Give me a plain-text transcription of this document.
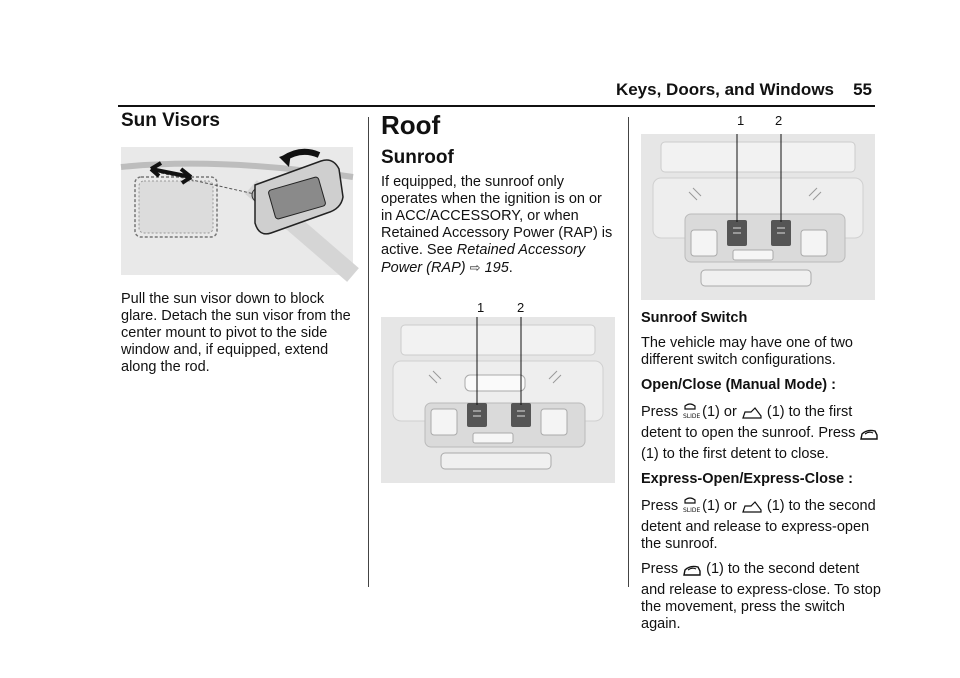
Keys, Doors, and Windows 55
Sun Visors

Pull the sun visor down to block glare. Detach the sun visor from the center mount to pivot to the side window and, if equipped, extend along the rod.

Roof
Sunroof

If equipped, the sunroof only operates when the ignition is on or in ACC/ACCESSORY, or when Retained Accessory Power (RAP) is active. See Retained Accessory Power (RAP) ⇨ 195.

1	2
1 2

Sunroof Switch

The vehicle may have one of two different switch configurations.

Open/Close (Manual Mode) :

Press SLIDE (1) or (1) to the first detent to open the sunroof. Press  (1) to the first detent to close.

Express-Open/Express-Close :

Press SLIDE (1) or (1) to the second detent and release to express-open the sunroof.

Press (1) to the second detent and release to express-close. To stop the movement, press the switch again.
